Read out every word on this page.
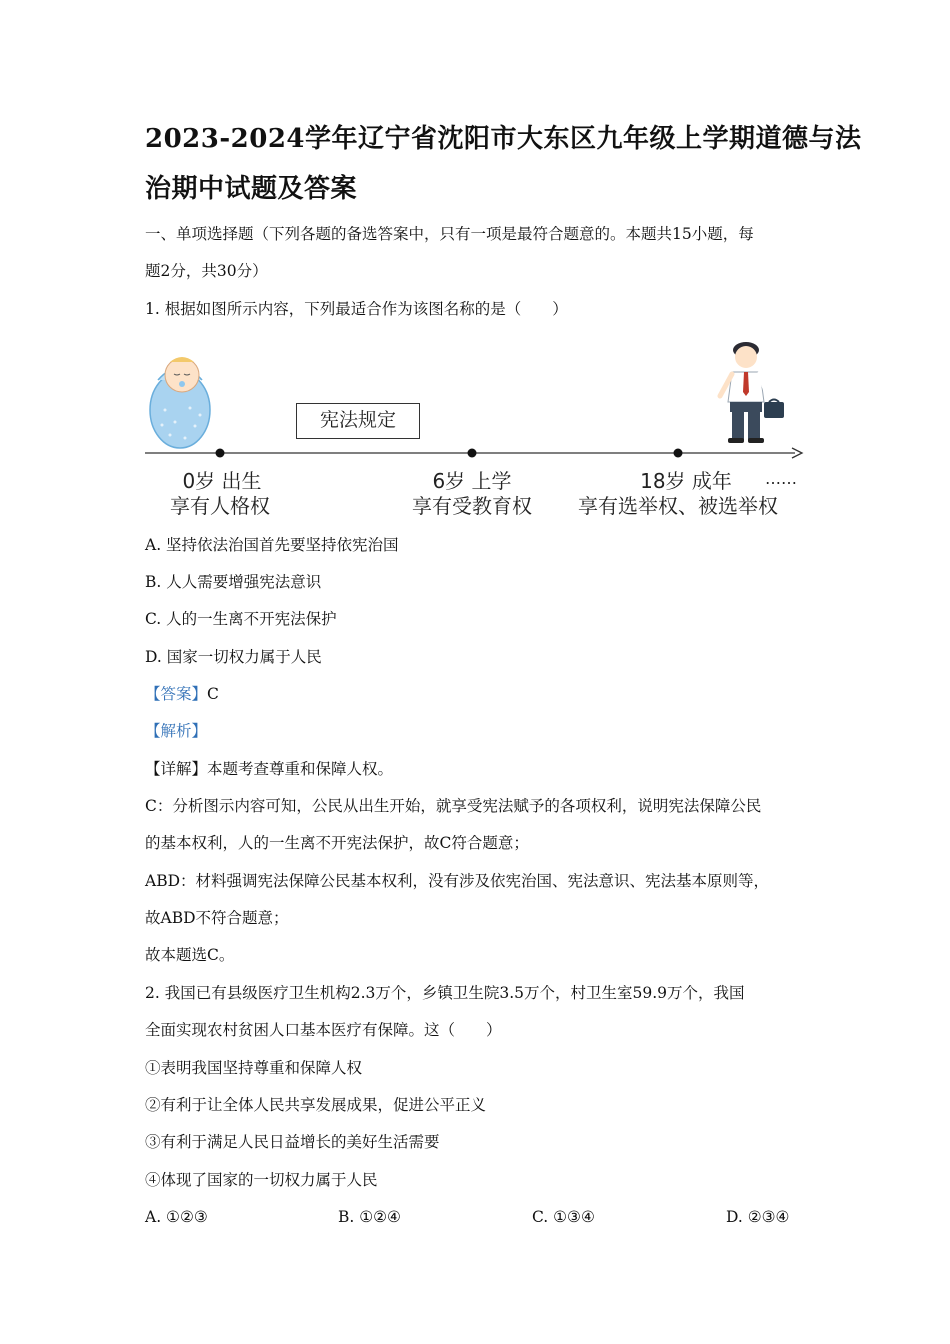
2023-2024学年辽宁省沈阳市大东区九年级上学期道德与法
治期中试题及答案
一、单项选择题（下列各题的备选答案中，只有一项是最符合题意的。本题共15小题，每
题2分，共30分）
1. 根据如图所示内容，下列最适合作为该图名称的是（　　）
宪法规定
0岁 出生
享有人格权
6岁 上学
享有受教育权
18岁 成年	……
享有选举权、被选举权
A. 坚持依法治国首先要坚持依宪治国
B. 人人需要增强宪法意识
C. 人的一生离不开宪法保护
D. 国家一切权力属于人民
【答案】C
【解析】
【详解】本题考查尊重和保障人权。
C：分析图示内容可知，公民从出生开始，就享受宪法赋予的各项权利，说明宪法保障公民
的基本权利，人的一生离不开宪法保护，故C符合题意；
ABD：材料强调宪法保障公民基本权利，没有涉及依宪治国、宪法意识、宪法基本原则等，
故ABD不符合题意；
故本题选C。
2. 我国已有县级医疗卫生机构2.3万个，乡镇卫生院3.5万个，村卫生室59.9万个，我国
全面实现农村贫困人口基本医疗有保障。这（　　）
①表明我国坚持尊重和保障人权
②有利于让全体人民共享发展成果，促进公平正义
③有利于满足人民日益增长的美好生活需要
④体现了国家的一切权力属于人民
A. ①②③	B. ①②④	C. ①③④	D. ②③④
